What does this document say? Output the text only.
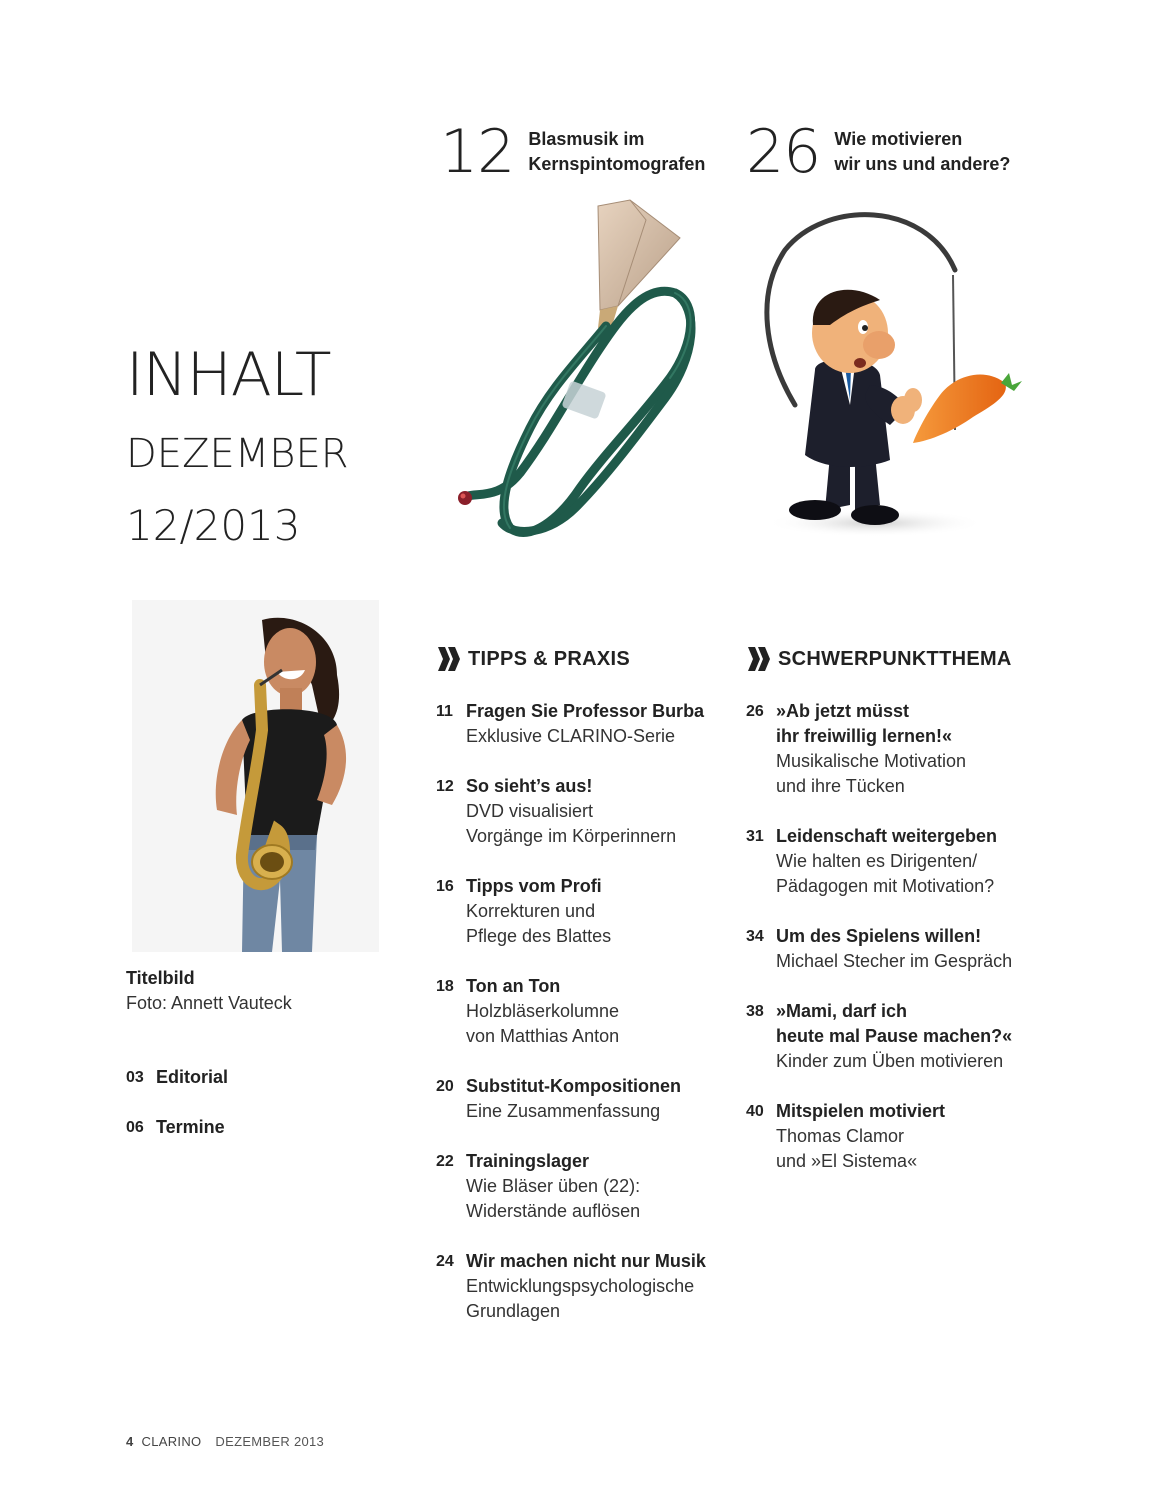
12 Blasmusik im
Kernspintomografen 26 Wie motivieren
wir uns und andere?
INHALT
DEZEMBER
12/2013
Titelbild
Foto: Annett Vauteck
03 Editorial
06 Termine
TIPPS & PRAXIS
11 Fragen Sie Professor Burba
Exklusive CLARINO-Serie
12 So sieht’s aus!
DVD visualisiert
Vorgänge im Körperinnern
16 Tipps vom Profi
Korrekturen und
Pflege des Blattes
18 Ton an Ton
Holzbläserkolumne
von Matthias Anton
20 Substitut-Kompositionen
Eine Zusammenfassung
22 Trainingslager
Wie Bläser üben (22):
Widerstände auflösen
24 Wir machen nicht nur Musik
Entwicklungspsychologische
Grundlagen
SCHWERPUNKTTHEMA
26 »Ab jetzt müsst
ihr freiwillig lernen!«
Musikalische Motivation
und ihre Tücken
31 Leidenschaft weitergeben
Wie halten es Dirigenten/
Pädagogen mit Motivation?
34 Um des Spielens willen!
Michael Stecher im Gespräch
38 »Mami, darf ich
heute mal Pause machen?«
Kinder zum Üben motivieren
40 Mitspielen motiviert
Thomas Clamor
und »El Sistema«
4 CLARINO DEZEMBER 2013
